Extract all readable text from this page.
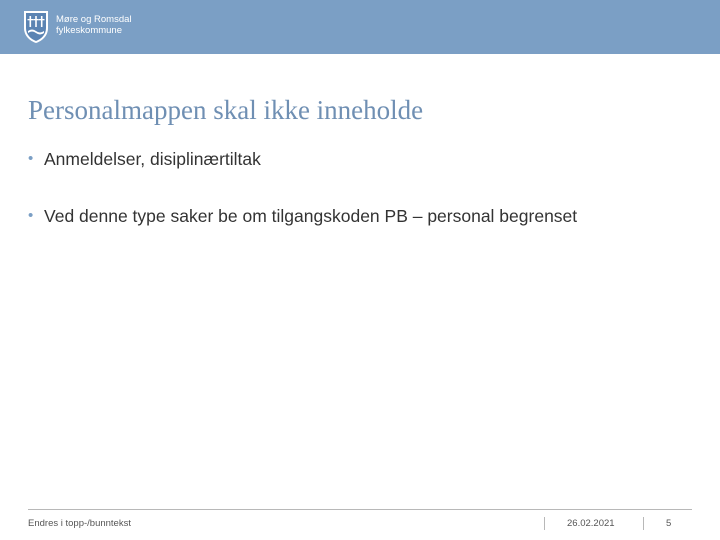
Møre og Romsdal
fylkeskommune
Personalmappen skal ikke inneholde
• Anmeldelser, disiplinærtiltak
• Ved denne type saker be om tilgangskoden PB – personal begrenset
Endres i topp-/bunntekst	26.02.2021	5
